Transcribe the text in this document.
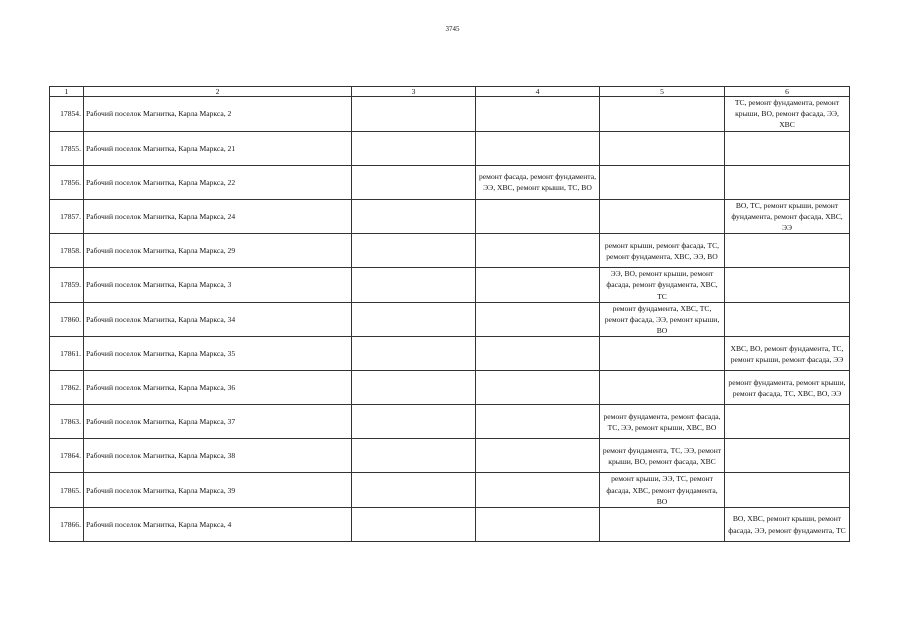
3745
1	2	3	4	5	6
17854.	Рабочий поселок Магнитка, Карла Маркса, 2				ТС, ремонт фундамента, ремонт крыши, ВО, ремонт фасада, ЭЭ, ХВС
17855.	Рабочий поселок Магнитка, Карла Маркса, 21				
17856.	Рабочий поселок Магнитка, Карла Маркса, 22		ремонт фасада, ремонт фундамента, ЭЭ, ХВС, ремонт крыши, ТС, ВО		
17857.	Рабочий поселок Магнитка, Карла Маркса, 24				ВО, ТС, ремонт крыши, ремонт фундамента, ремонт фасада, ХВС, ЭЭ
17858.	Рабочий поселок Магнитка, Карла Маркса, 29			ремонт крыши, ремонт фасада, ТС, ремонт фундамента, ХВС, ЭЭ, ВО	
17859.	Рабочий поселок Магнитка, Карла Маркса, 3			ЭЭ, ВО, ремонт крыши, ремонт фасада, ремонт фундамента, ХВС, ТС	
17860.	Рабочий поселок Магнитка, Карла Маркса, 34			ремонт фундамента, ХВС, ТС, ремонт фасада, ЭЭ, ремонт крыши, ВО	
17861.	Рабочий поселок Магнитка, Карла Маркса, 35				ХВС, ВО, ремонт фундамента, ТС, ремонт крыши, ремонт фасада, ЭЭ
17862.	Рабочий поселок Магнитка, Карла Маркса, 36				ремонт фундамента, ремонт крыши, ремонт фасада, ТС, ХВС, ВО, ЭЭ
17863.	Рабочий поселок Магнитка, Карла Маркса, 37			ремонт фундамента, ремонт фасада, ТС, ЭЭ, ремонт крыши, ХВС, ВО	
17864.	Рабочий поселок Магнитка, Карла Маркса, 38			ремонт фундамента, ТС, ЭЭ, ремонт крыши, ВО, ремонт фасада, ХВС	
17865.	Рабочий поселок Магнитка, Карла Маркса, 39			ремонт крыши, ЭЭ, ТС, ремонт фасада, ХВС, ремонт фундамента, ВО	
17866.	Рабочий поселок Магнитка, Карла Маркса, 4				ВО, ХВС, ремонт крыши, ремонт фасада, ЭЭ, ремонт фундамента, ТС
